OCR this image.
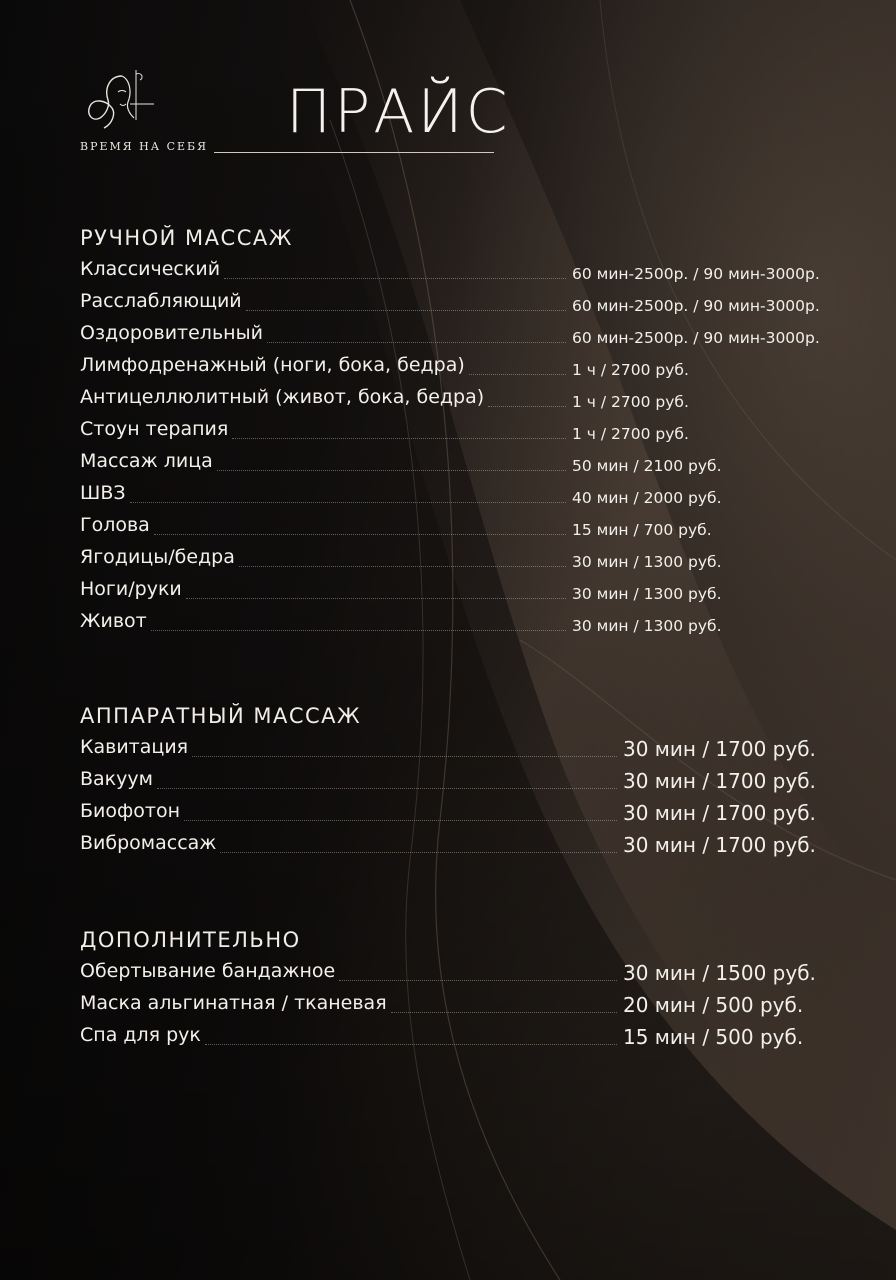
ВРЕМЯ НА СЕБЯ ПРАЙС
РУЧНОЙ МАССАЖ
Классический	60 мин-2500р. / 90 мин-3000р.
Расслабляющий	60 мин-2500р. / 90 мин-3000р.
Оздоровительный	60 мин-2500р. / 90 мин-3000р.
Лимфодренажный (ноги, бока, бедра)	1 ч / 2700 руб.
Антицеллюлитный (живот, бока, бедра)	1 ч / 2700 руб.
Стоун терапия	1 ч / 2700 руб.
Массаж лица	50 мин / 2100 руб.
ШВЗ	40 мин / 2000 руб.
Голова	15 мин / 700 руб.
Ягодицы/бедра	30 мин / 1300 руб.
Ноги/руки	30 мин / 1300 руб.
Живот	30 мин / 1300 руб.
АППАРАТНЫЙ МАССАЖ
Кавитация	30 мин / 1700 руб.
Вакуум	30 мин / 1700 руб.
Биофотон	30 мин / 1700 руб.
Вибромассаж	30 мин / 1700 руб.
ДОПОЛНИТЕЛЬНО
Обертывание бандажное	30 мин / 1500 руб.
Маска альгинатная / тканевая	20 мин / 500 руб.
Спа для рук	15 мин / 500 руб.
